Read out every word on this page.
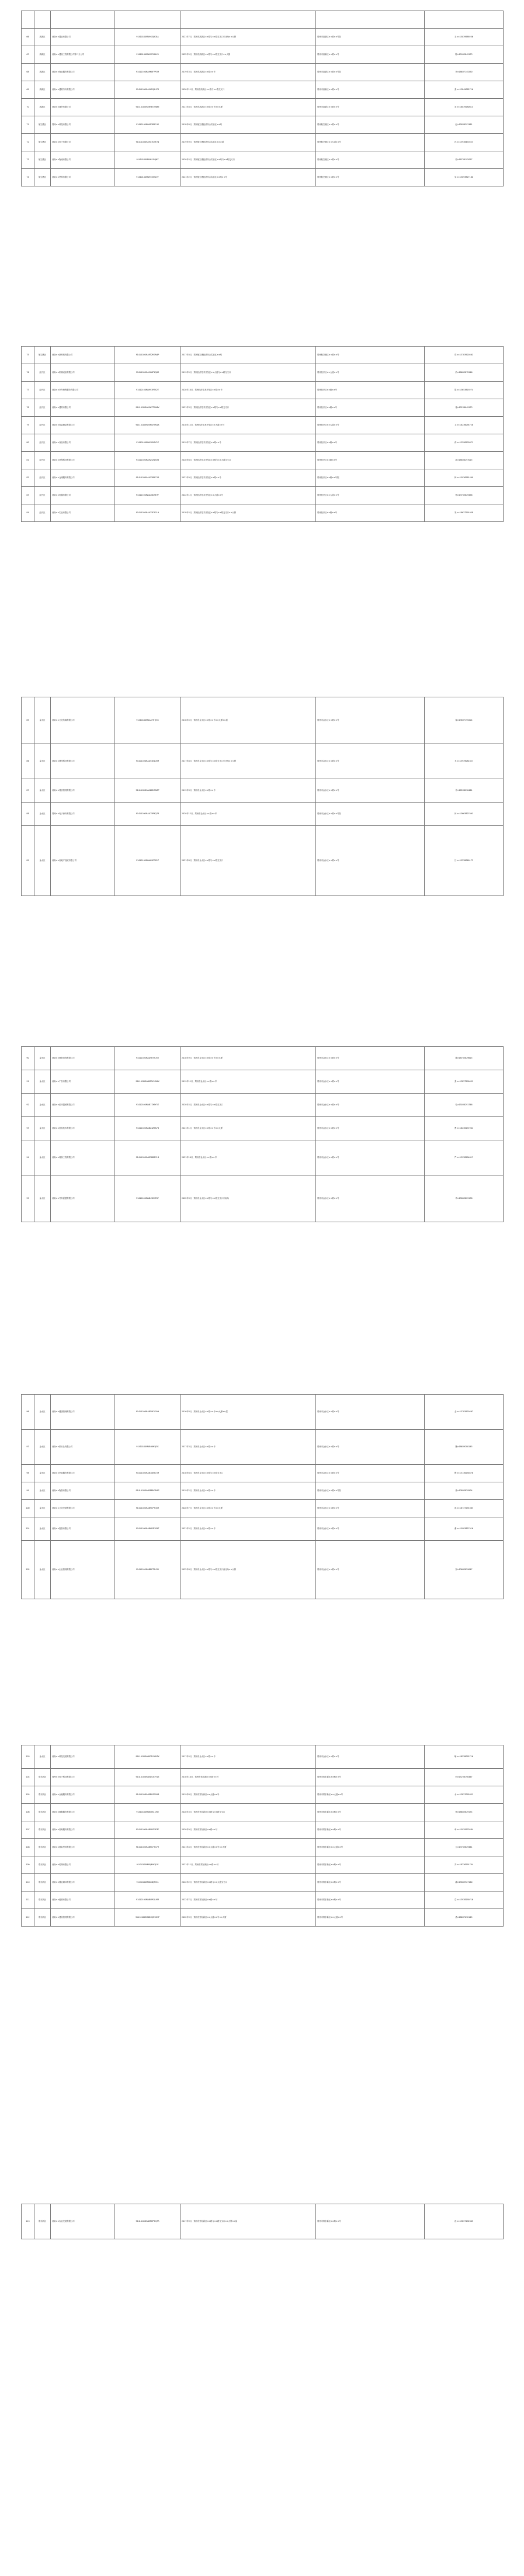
66	高新区	河南××置业有限公司	91410100MA9G3JXC8A	2021年7月，郑州市高新区××路与××路交叉口东北角××大厦	郑州市高新区××路××号院	王××15039589256
67	高新区	河南××建设工程有限公司第二分公司	91410100MA9FRY24X9	2022年5月，郑州市高新区××路与××路交叉口××大厦	郑州市高新区××路××号	陈×15903849173
68	高新区	河南××物业服务有限公司	91410100MA9K8F7P3M	2019年3月，郑州市高新区××路××号	郑州市高新区××路××号院	李×18637145290
69	高新区	河南××建筑劳务有限公司	91410100MA9L2Q5H7R	2020年11月，郑州市高新区××路与××路交叉口	郑州市高新区××路××号	张××13849082716
70	高新区	河南××商贸有限公司	91410100MA9N6T2W8E	2021年8月，郑州市高新区××路××号××大厦	郑州市高新区××路××号	刘××18039280614
71	航空港区	郑州××科技有限公司	91410100MA9P3B1C4K	2018年6月，郑州航空港经济综合实验区××路	郑州航空港区××路××号	赵×15838297461
72	航空港区	河南××电子有限公司	91410100MA9Q7D5F2N	2019年9月，郑州航空港经济综合实验区××大道	郑州航空港区××大道××号	孙××13938470523
73	航空港区	河南××物流有限公司	91410100MA9R1G8J6T	2020年4月，郑州航空港经济综合实验区××路与××路交叉口	郑州航空港区××路××号	周×18738192057
74	航空港区	河南××贸易有限公司	91410100MA9S5K3L9Y	2021年2月，郑州航空港经济综合实验区××路××号	郑州航空港区××路××号	吴××15093827160
75	航空港区	河南××新材料有限公司	91410100MA9T2M7N4P	2017年8月，郑州航空港经济综合实验区××路	郑州航空港区××路××号	郑××13783920561
76	经开区	河南××机械设备有限公司	91410100MA9U6P1Q8R	2019年5月，郑州经济技术开发区××大道与××路交叉口	郑州经开区××大道××号	冯×18603872946
77	经开区	河南××汽车销售服务有限公司	91410100MA9V3R5S2T	2020年10月，郑州经济技术开发区××路××号	郑州经开区××路××号	陈××13653819274
78	经开区	河南××建材有限公司	91410100MA9W7T9U6V	2021年3月，郑州经济技术开发区××路与××路交叉口	郑州经开区××路××号	褚×15238049173
79	经开区	河南××包装制品有限公司	91410100MA9X4V3W1X	2018年12月，郑州经济技术开发区××大道××号	郑州经开区××大道××号	卫××18236094728
80	经开区	河南××食品有限公司	91410100MA9Y8X7Y5Z	2019年7月，郑州经济技术开发区××路××号	郑州经开区××路××号	蒋××13598203671
81	经开区	河南××环保科技有限公司	91410100MA9Z5Z1A9B	2020年6月，郑州经济技术开发区××路与××大道交叉口	郑州经开区××路××号	沈×18838297015
82	经开区	河南××仓储服务有限公司	91410100MAA12B5C3D	2021年9月，郑州经济技术开发区××路××号	郑州经开区××路××号院	韩××15936281490
83	经开区	河南××电器有限公司	91410100MAA26D9E7F	2022年1月，郑州经济技术开发区××大道××号	郑州经开区××大道××号	杨×13703829456
84	经开区	河南××实业有限公司	91410100MAA33F3G1H	2018年4月，郑州经济技术开发区××路与××路交叉口××大厦	郑州经开区××路××号	朱××18637291058
85	金水区	河南××文化传媒有限公司	91410100MAA47H7J5K	2016年5月，郑州市金水区××路××号××大厦××层	郑州市金水区××路××号	秦×13837195204
86	金水区	河南××网络科技有限公司	91410100MAA54K1L9M	2017年8月，郑州市金水区××路与××路交叉口东北角××大厦	郑州市金水区××路××号	尤××15939081627
87	金水区	河南××餐饮管理有限公司	91410100MAA68M5N3P	2019年3月，郑州市金水区××路××号	郑州市金水区××路××号	许×18538290461
88	金水区	郑州××电子商务有限公司	91410100MAA75P9Q7R	2020年12月，郑州市金水区××路××号	郑州市金水区××路××号院	何××13663827091
89	金水区	河南××房地产经纪有限公司	91410100MAA89R3S1T	2021年6月，郑州市金水区××路与××路交叉口	郑州市金水区××路××号	吕××15238069173
90	金水区	河南××教育咨询有限公司	91410100MAA96T7U5V	2018年9月，郑州市金水区××路××号××大厦	郑州市金水区××路××号	施×18703829615
91	金水区	河南××广告有限公司	91410100MAB03V1W9X	2019年11月，郑州市金水区××路××号	郑州市金水区××路××号	张××13837290451
92	金水区	河南××医疗器械有限公司	91410100MAB17X5Y3Z	2020年4月，郑州市金水区××路与××路交叉口	郑州市金水区××路××号	孔×15038291746
93	金水区	河南××信息技术有限公司	91410100MAB24Z9A7B	2021年1月，郑州市金水区××路××号××大厦	郑州市金水区××路××号	曹××18236172904
94	金水区	河南××装饰工程有限公司	91410100MAB38B3C1D	2021年10月，郑州市金水区××路××号	郑州市金水区××路××号	严××13938204617
95	金水区	河南××劳务派遣有限公司	91410100MAB45D7E5F	2022年3月，郑州市金水区××路与××路交叉口东南角	郑州市金水区××路××号	华×15803829176
96	金水区	河南××健康管理有限公司	91410100MAB59F1G9H	2016年8月，郑州市金水区××路××号××大厦××层	郑州市金水区××路××号	金××13783920467
97	金水区	河南××旅行社有限公司	91410100MAB66H5J3K	2017年3月，郑州市金水区××路××号	郑州市金水区××路××号	魏×18639280145
98	金水区	河南××家政服务有限公司	91410100MAB7AK9L7M	2018年6月，郑州市金水区××路与××路交叉口	郑州市金水区××路××号	陶××15136290478
99	金水区	河南××物资有限公司	91410100MAB8BM3N1P	2019年2月，郑州市金水区××路××号	郑州市金水区××路××号院	姜×13803829504
100	金水区	河南××文化发展有限公司	91410100MAB9CP7Q5R	2020年7月，郑州市金水区××路××号××大厦	郑州市金水区××路××号	戚××18737291063
101	金水区	河南××投资有限公司	91410100MABADR1S9T	2021年5月，郑州市金水区××路××号	郑州市金水区××路××号	谢××15903827916
102	金水区	河南××企业管理有限公司	91410100MABBET5U3V	2022年6月，郑州市金水区××路与××路交叉口西北角××大厦	郑州市金水区××路××号	邹×13663829047
103	金水区	河南××科技发展有限公司	91410100MABCFV9W7X	2017年4月，郑州市金水区××路××号	郑州市金水区××路××号	喻××18538092716
104	郑东新区	郑州××电子科技有限公司	91410100MABDGX3Y1Z	2018年10月，郑州市郑东新区××路××号	郑州市郑东新区××路××号	柏×15238190467
105	郑东新区	河南××金融服务有限公司	91410100MABEHZ7A5B	2019年6月，郑州市郑东新区××大道××号	郑州市郑东新区××大道××号	水××13837092651
106	郑东新区	河南××数据服务有限公司	91410100MABFJB1C9D	2020年3月，郑州市郑东新区××路与××路交叉口	郑州市郑东新区××路××号	窦×18603829174
107	郑东新区	河南××咨询服务有限公司	91410100MABGKD5E3F	2020年9月，郑州市郑东新区××路××号	郑州市郑东新区××路××号	章××15939270584
108	郑东新区	河南××国际贸易有限公司	91410100MABHLF9G7H	2021年4月，郑州市郑东新区××大道××号××大厦	郑州市郑东新区××大道××号	云×13703829461
109	郑东新区	河南××传媒有限公司	91410100MABJMH3J1K	2021年11月，郑州市郑东新区××路××号	郑州市郑东新区××路××号	苏××18236291704
110	郑东新区	河南××置业顾问有限公司	91410100MABKNJ7K5L	2022年2月，郑州市郑东新区××路与××大道交叉口	郑州市郑东新区××路××号	潘×15803927160
111	郑东新区	河南××能源有限公司	91410100MABLPK1L9M	2022年7月，郑州市郑东新区××路××号	郑州市郑东新区××路××号	葛××13938290716
112	郑东新区	河南××建设管理有限公司	91410100MABMQM5N3P	2022年9月，郑州市郑东新区××大道××号××大厦	郑州市郑东新区××大道××号	奚×18637092145
113	郑东新区	河南××实业发展有限公司	91410100MABNRP9Q7R	2017年9月，郑州市郑东新区××路与××路交叉口××大厦××层	郑州市郑东新区××路××号	范××13837192605
